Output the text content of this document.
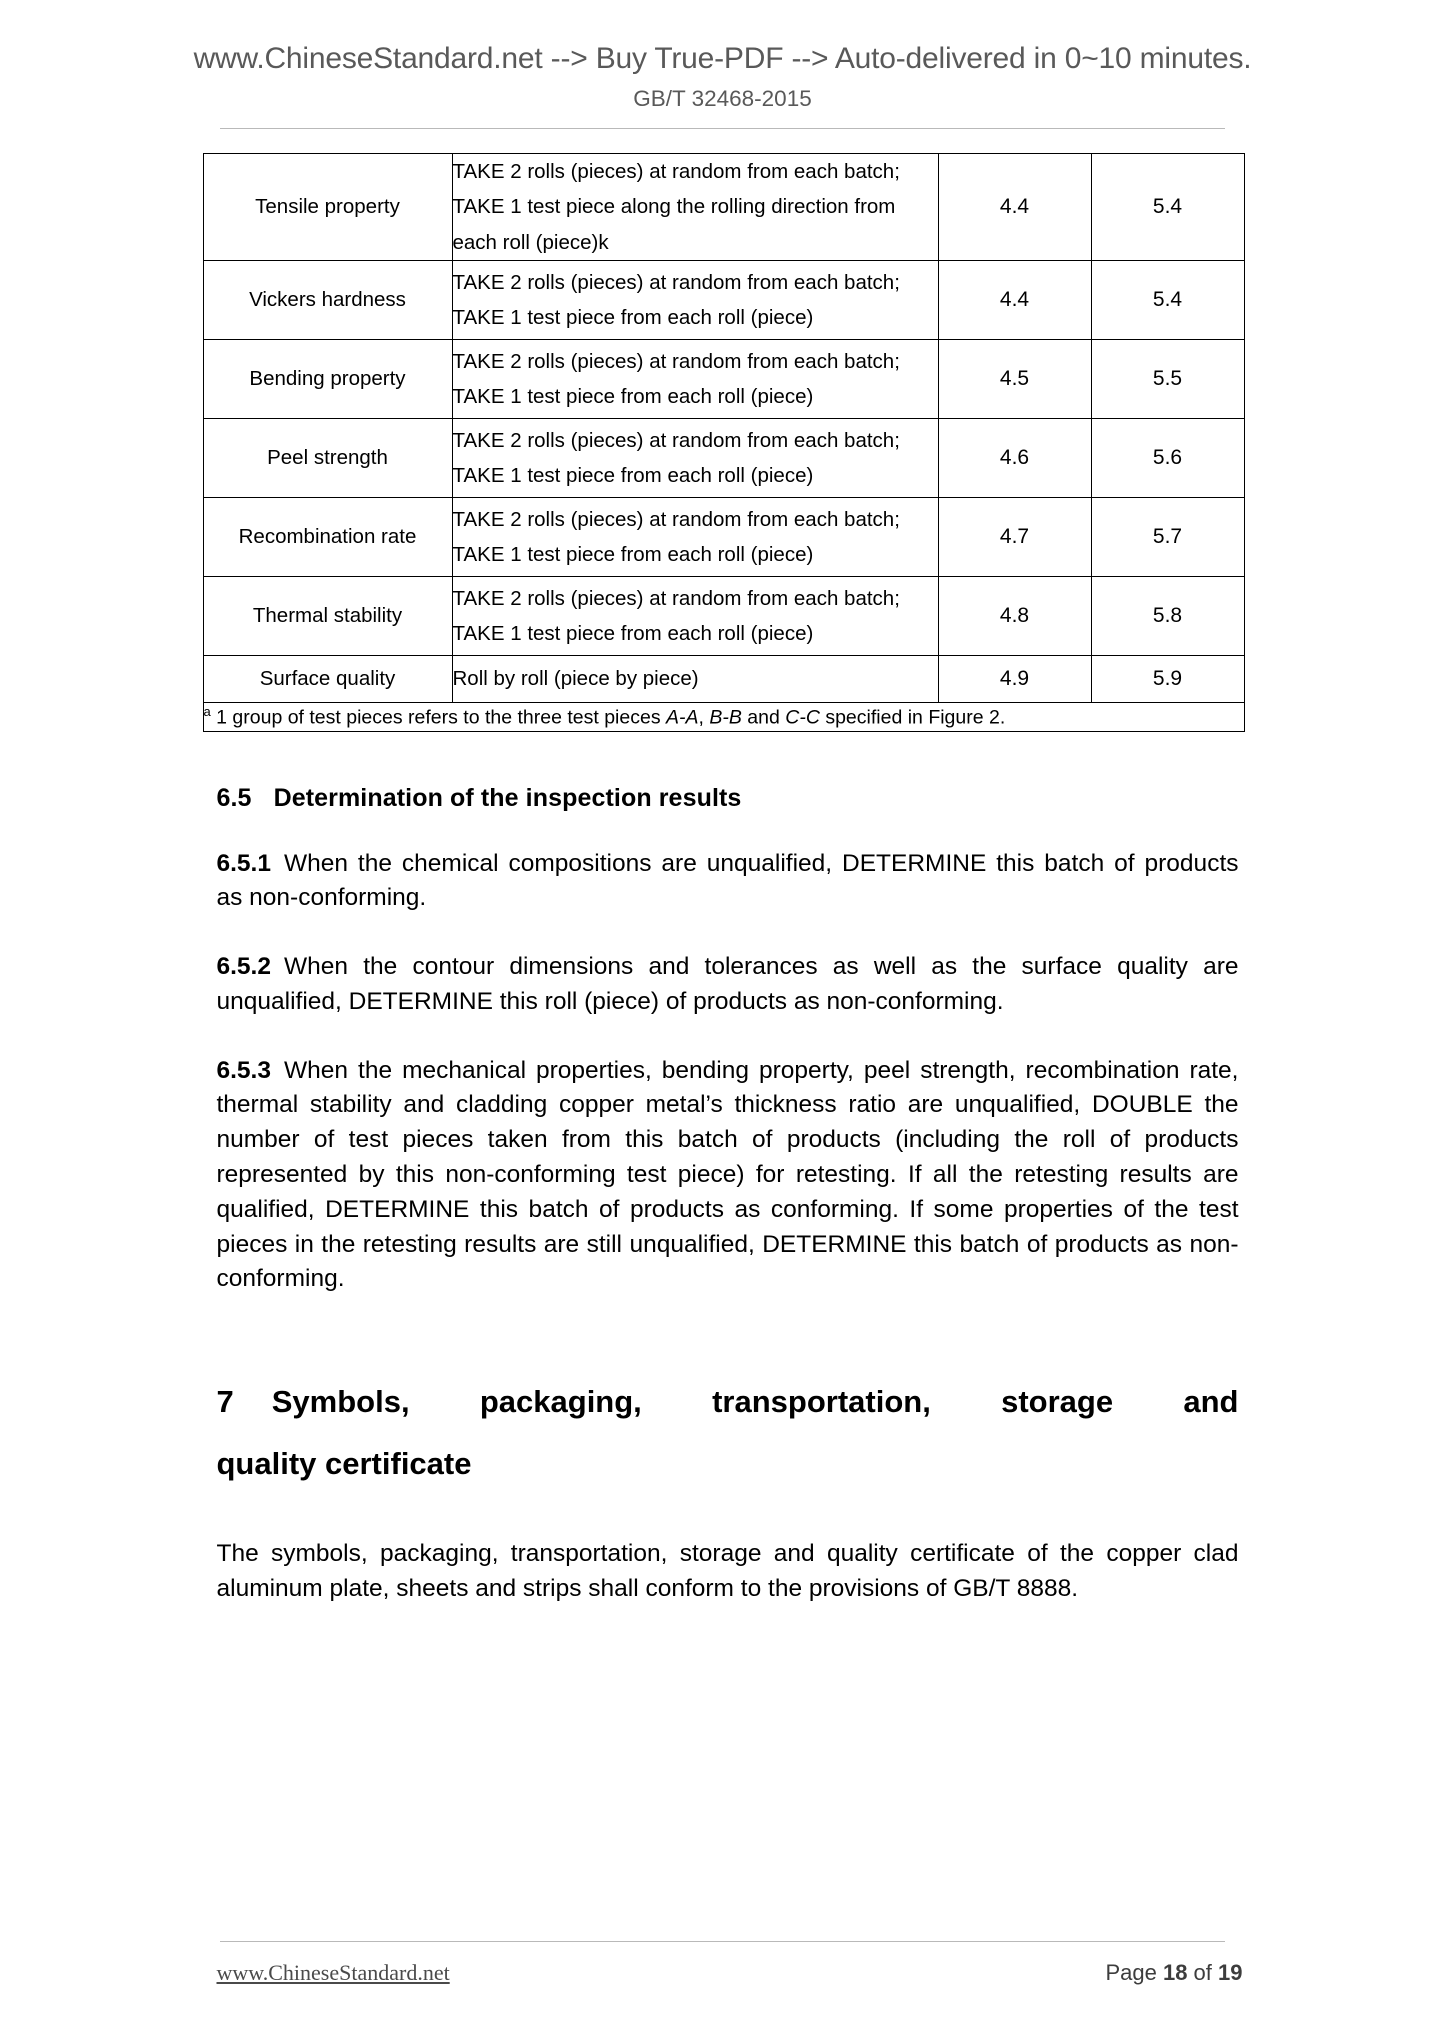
www.ChineseStandard.net --> Buy True-PDF --> Auto-delivered in 0~10 minutes.
GB/T 32468-2015
Tensile property	TAKE 2 rolls (pieces) at random from each batch;
TAKE 1 test piece along the rolling direction from
each roll (piece)k	4.4	5.4
Vickers hardness	TAKE 2 rolls (pieces) at random from each batch;
TAKE 1 test piece from each roll (piece)	4.4	5.4
Bending property	TAKE 2 rolls (pieces) at random from each batch;
TAKE 1 test piece from each roll (piece)	4.5	5.5
Peel strength	TAKE 2 rolls (pieces) at random from each batch;
TAKE 1 test piece from each roll (piece)	4.6	5.6
Recombination rate	TAKE 2 rolls (pieces) at random from each batch;
TAKE 1 test piece from each roll (piece)	4.7	5.7
Thermal stability	TAKE 2 rolls (pieces) at random from each batch;
TAKE 1 test piece from each roll (piece)	4.8	5.8
Surface quality	Roll by roll (piece by piece)	4.9	5.9
$^a$ 1 group of test pieces refers to the three test pieces A-A, B-B and C-C specified in Figure 2.			
6.5 Determination of the inspection results

6.5.1 When the chemical compositions are unqualified, DETERMINE this batch of products as non-conforming.

6.5.2 When the contour dimensions and tolerances as well as the surface quality are unqualified, DETERMINE this roll (piece) of products as non-conforming.

6.5.3 When the mechanical properties, bending property, peel strength, recombination rate, thermal stability and cladding copper metal’s thickness ratio are unqualified, DOUBLE the number of test pieces taken from this batch of products (including the roll of products represented by this non-conforming test piece) for retesting. If all the retesting results are qualified, DETERMINE this batch of products as conforming. If some properties of the test pieces in the retesting results are still unqualified, DETERMINE this batch of products as non-conforming.

7 Symbols, packaging, transportation, storage and
quality certificate

The symbols, packaging, transportation, storage and quality certificate of the copper clad aluminum plate, sheets and strips shall conform to the provisions of GB/T 8888.

www.ChineseStandard.net	Page 18 of 19
